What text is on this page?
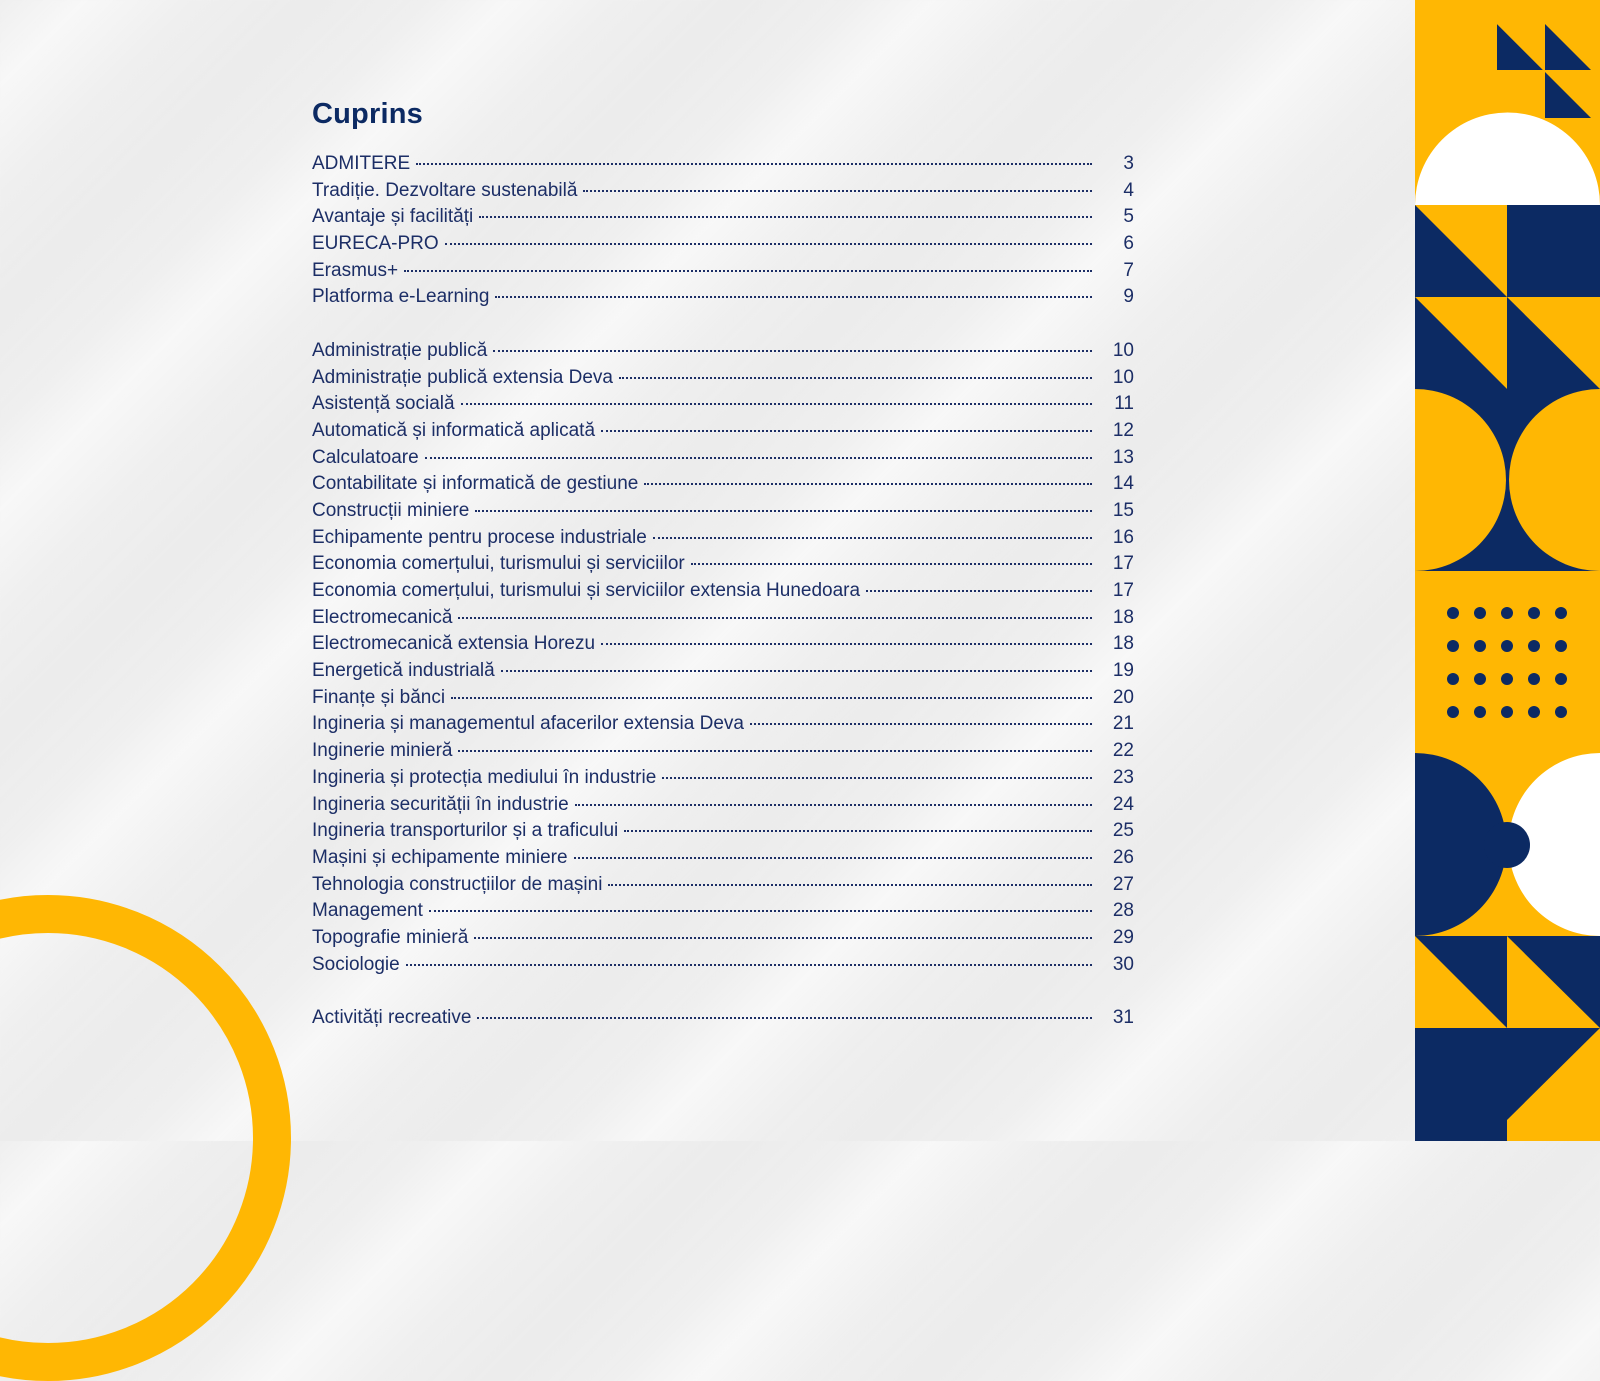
Cuprins
ADMITERE	3
Tradiție. Dezvoltare sustenabilă	4
Avantaje și facilități	5
EURECA-PRO	6
Erasmus+	7
Platforma e-Learning	9
Administrație publică	10
Administrație publică extensia Deva	10
Asistență socială	11
Automatică și informatică aplicată	12
Calculatoare	13
Contabilitate și informatică de gestiune	14
Construcții miniere	15
Echipamente pentru procese industriale	16
Economia comerțului, turismului și serviciilor	17
Economia comerțului, turismului și serviciilor extensia Hunedoara	17
Electromecanică	18
Electromecanică extensia Horezu	18
Energetică industrială	19
Finanțe și bănci	20
Ingineria și managementul afacerilor extensia Deva	21
Inginerie minieră	22
Ingineria și protecția mediului în industrie	23
Ingineria securității în industrie	24
Ingineria transporturilor și a traficului	25
Mașini și echipamente miniere	26
Tehnologia construcțiilor de mașini	27
Management	28
Topografie minieră	29
Sociologie	30
Activități recreative	31
